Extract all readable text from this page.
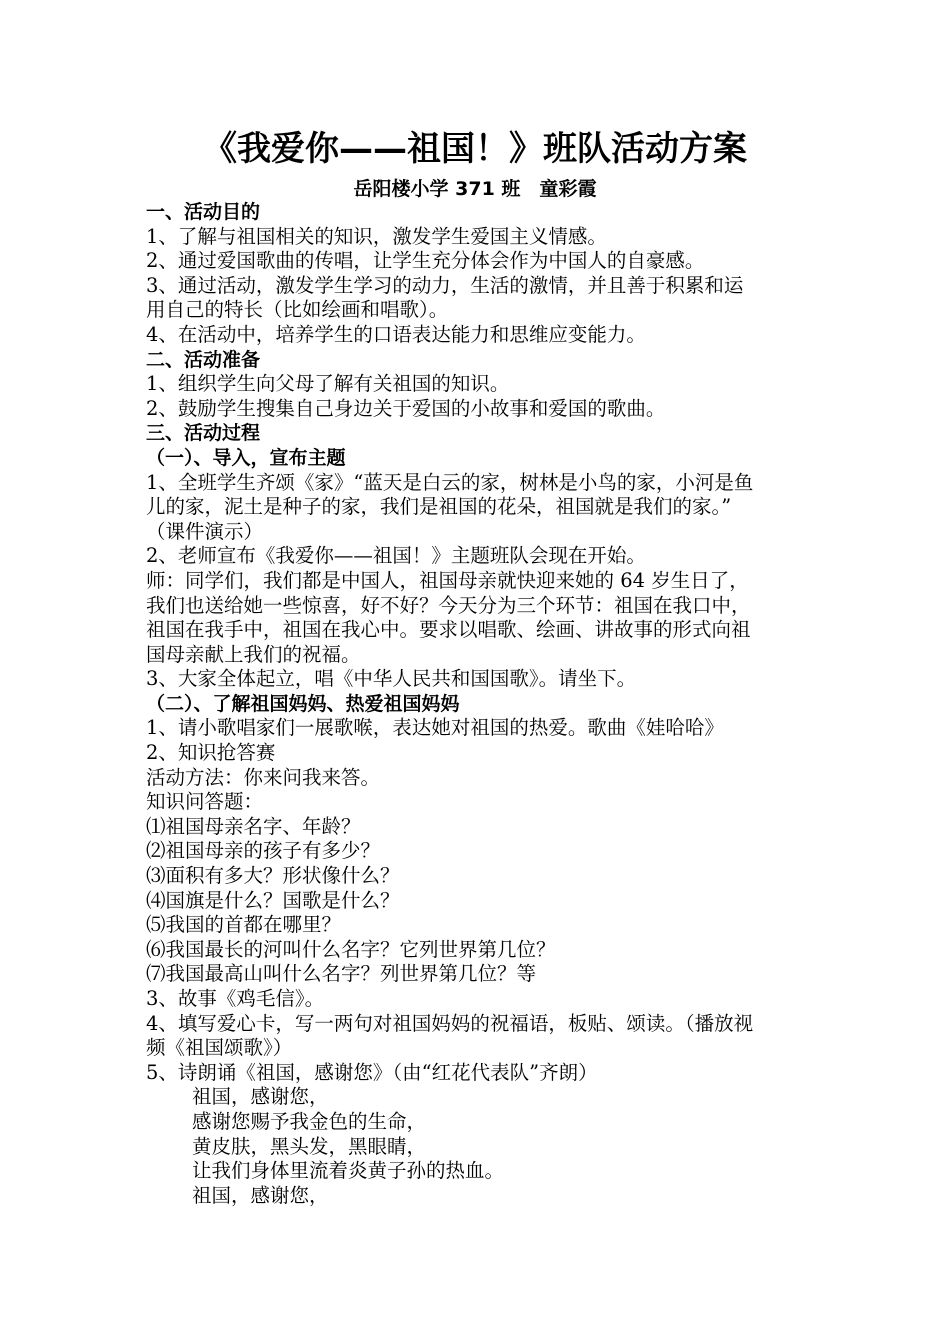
《我爱你——祖国！》班队活动方案
岳阳楼小学 371 班　童彩霞
一、活动目的
1、了解与祖国相关的知识，激发学生爱国主义情感。
2、通过爱国歌曲的传唱，让学生充分体会作为中国人的自豪感。
3、通过活动，激发学生学习的动力，生活的激情，并且善于积累和运
用自己的特长（比如绘画和唱歌）。
4、在活动中，培养学生的口语表达能力和思维应变能力。
二、活动准备
1、组织学生向父母了解有关祖国的知识。
2、鼓励学生搜集自己身边关于爱国的小故事和爱国的歌曲。
三、活动过程
（一）、导入，宣布主题
1、全班学生齐颂《家》“蓝天是白云的家，树林是小鸟的家，小河是鱼
儿的家，泥土是种子的家，我们是祖国的花朵，祖国就是我们的家。”
（课件演示）
2、老师宣布《我爱你——祖国！》主题班队会现在开始。
师：同学们，我们都是中国人，祖国母亲就快迎来她的 64 岁生日了，
我们也送给她一些惊喜，好不好？今天分为三个环节：祖国在我口中，
祖国在我手中，祖国在我心中。要求以唱歌、绘画、讲故事的形式向祖
国母亲献上我们的祝福。
3、大家全体起立，唱《中华人民共和国国歌》。请坐下。
（二）、了解祖国妈妈、热爱祖国妈妈
1、请小歌唱家们一展歌喉，表达她对祖国的热爱。歌曲《娃哈哈》
2、知识抢答赛
活动方法：你来问我来答。
知识问答题：
⑴祖国母亲名字、年龄？
⑵祖国母亲的孩子有多少？
⑶面积有多大？形状像什么？
⑷国旗是什么？国歌是什么？
⑸我国的首都在哪里？
⑹我国最长的河叫什么名字？它列世界第几位？
⑺我国最高山叫什么名字？列世界第几位？等
3、故事《鸡毛信》。
4、填写爱心卡，写一两句对祖国妈妈的祝福语，板贴、颂读。（播放视
频《祖国颂歌》）
5、诗朗诵《祖国，感谢您》（由“红花代表队”齐朗）
祖国，感谢您，
感谢您赐予我金色的生命，
黄皮肤，黑头发，黑眼睛，
让我们身体里流着炎黄子孙的热血。
祖国，感谢您，
